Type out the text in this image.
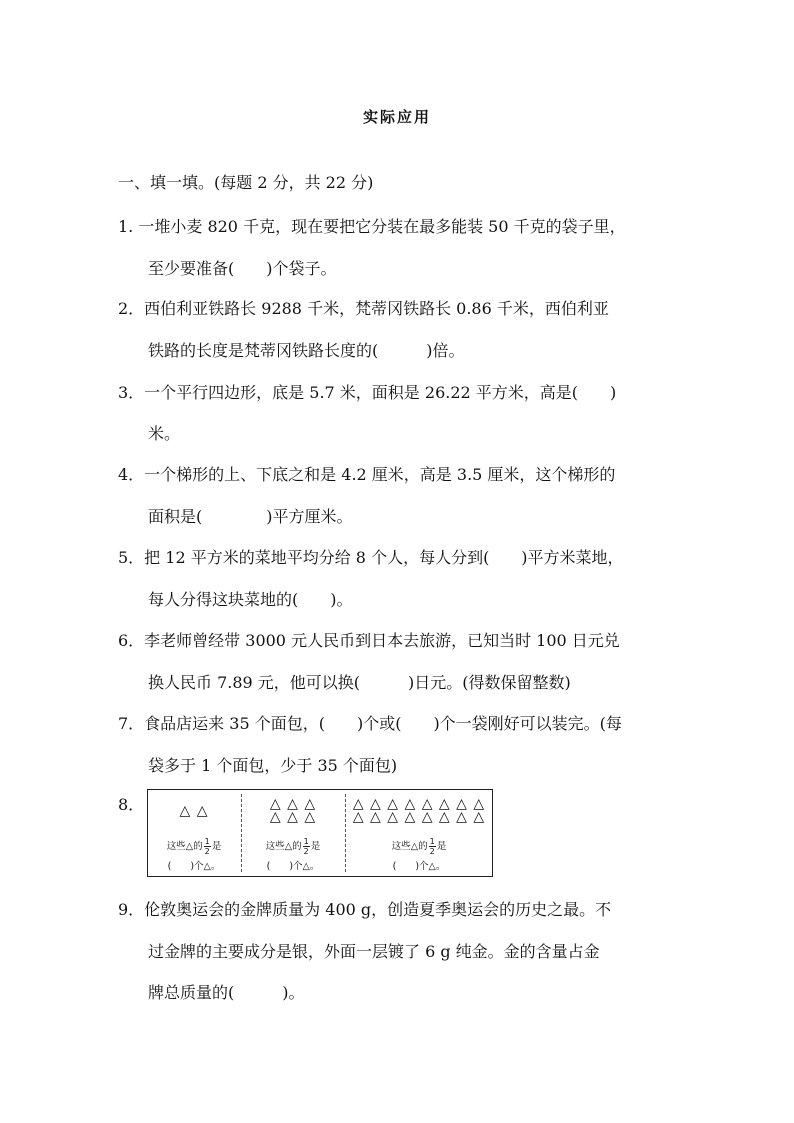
实际应用
一、填一填。(每题 2 分，共 22 分)
1. 一堆小麦 820 千克，现在要把它分装在最多能装 50 千克的袋子里，
至少要准备(　　)个袋子。
2．西伯利亚铁路长 9288 千米，梵蒂冈铁路长 0.86 千米，西伯利亚
铁路的长度是梵蒂冈铁路长度的(　　　)倍。
3．一个平行四边形，底是 5.7 米，面积是 26.22 平方米，高是(　　)
米。
4．一个梯形的上、下底之和是 4.2 厘米，高是 3.5 厘米，这个梯形的
面积是(　　　　)平方厘米。
5．把 12 平方米的菜地平均分给 8 个人，每人分到(　　)平方米菜地，
每人分得这块菜地的(　　)。
6．李老师曾经带 3000 元人民币到日本去旅游，已知当时 100 日元兑
换人民币 7.89 元，他可以换(　　　)日元。(得数保留整数)
7．食品店运来 35 个面包，(　　)个或(　　)个一袋刚好可以装完。(每
袋多于 1 个面包，少于 35 个面包)
8．	△ △
这些△的 $\frac{1}{2}$ 是
(　　)个△。
△ △ △
△ △ △
这些△的 $\frac{1}{2}$ 是
(　　)个△。
△ △ △ △ △ △ △ △
△ △ △ △ △ △ △ △
这些△的 $\frac{1}{2}$ 是
(　　)个△。
9．伦敦奥运会的金牌质量为 400 g，创造夏季奥运会的历史之最。不
过金牌的主要成分是银，外面一层镀了 6 g 纯金。金的含量占金
牌总质量的(　　　)。
